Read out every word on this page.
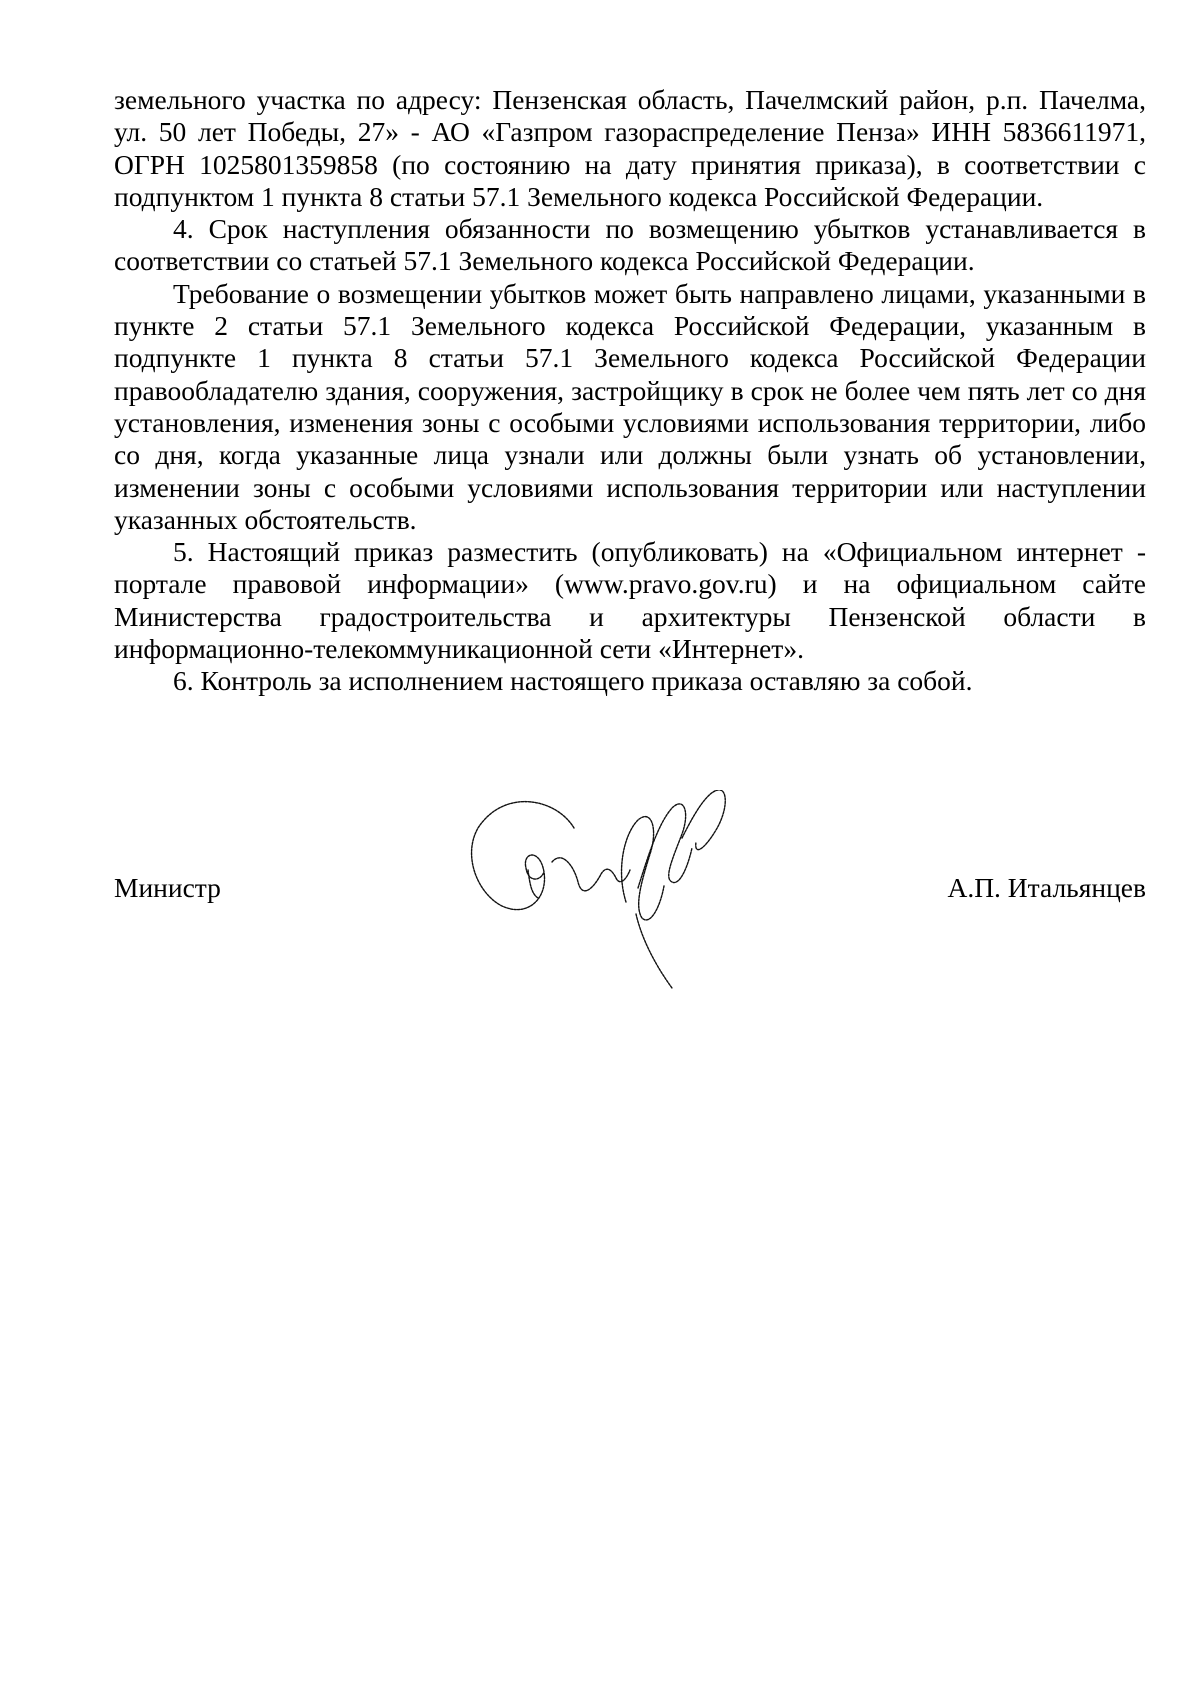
земельного участка по адресу: Пензенская область, Пачелмский район, р.п. Пачелма, ул. 50 лет Победы, 27» - АО «Газпром газораспределение Пенза» ИНН 5836611971, ОГРН 1025801359858 (по состоянию на дату принятия приказа), в соответствии с подпунктом 1 пункта 8 статьи 57.1 Земельного кодекса Российской Федерации.

4. Срок наступления обязанности по возмещению убытков устанавливается в соответствии со статьей 57.1 Земельного кодекса Российской Федерации.

Требование о возмещении убытков может быть направлено лицами, указанными в пункте 2 статьи 57.1 Земельного кодекса Российской Федерации, указанным в подпункте 1 пункта 8 статьи 57.1 Земельного кодекса Российской Федерации правообладателю здания, сооружения, застройщику в срок не более чем пять лет со дня установления, изменения зоны с особыми условиями использования территории, либо со дня, когда указанные лица узнали или должны были узнать об установлении, изменении зоны с особыми условиями использования территории или наступлении указанных обстоятельств.

5. Настоящий приказ разместить (опубликовать) на «Официальном интернет - портале правовой информации» (www.pravo.gov.ru) и на официальном сайте Министерства градостроительства и архитектуры Пензенской области в информационно-телекоммуникационной сети «Интернет».

6. Контроль за исполнением настоящего приказа оставляю за собой.

Министр	А.П. Итальянцев
